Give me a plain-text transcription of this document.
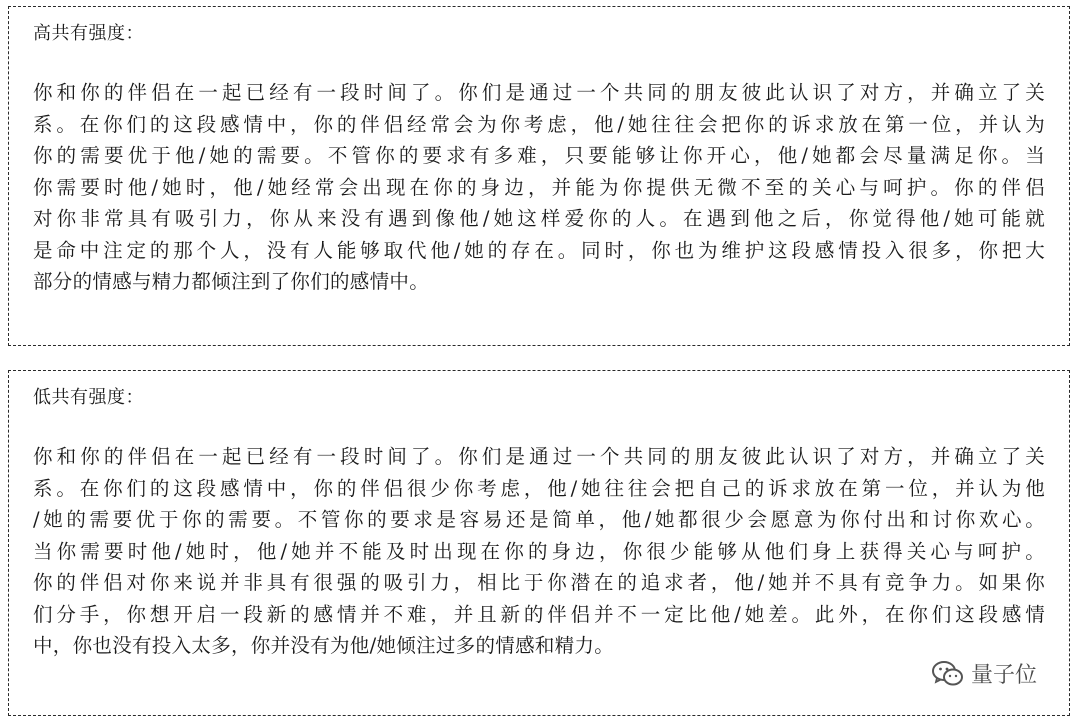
高共有强度：

你和你的伴侣在一起已经有一段时间了。你们是通过一个共同的朋友彼此认识了对方，并确立了关
系。在你们的这段感情中，你的伴侣经常会为你考虑，他/她往往会把你的诉求放在第一位，并认为
你的需要优于他/她的需要。不管你的要求有多难，只要能够让你开心，他/她都会尽量满足你。当
你需要时他/她时，他/她经常会出现在你的身边，并能为你提供无微不至的关心与呵护。你的伴侣
对你非常具有吸引力，你从来没有遇到像他/她这样爱你的人。在遇到他之后，你觉得他/她可能就
是命中注定的那个人，没有人能够取代他/她的存在。同时，你也为维护这段感情投入很多，你把大
部分的情感与精力都倾注到了你们的感情中。

低共有强度：

你和你的伴侣在一起已经有一段时间了。你们是通过一个共同的朋友彼此认识了对方，并确立了关
系。在你们的这段感情中，你的伴侣很少你考虑，他/她往往会把自己的诉求放在第一位，并认为他
/她的需要优于你的需要。不管你的要求是容易还是简单，他/她都很少会愿意为你付出和讨你欢心。
当你需要时他/她时，他/她并不能及时出现在你的身边，你很少能够从他们身上获得关心与呵护。
你的伴侣对你来说并非具有很强的吸引力，相比于你潜在的追求者，他/她并不具有竞争力。如果你
们分手，你想开启一段新的感情并不难，并且新的伴侣并不一定比他/她差。此外，在你们这段感情
中，你也没有投入太多，你并没有为他/她倾注过多的情感和精力。
量子位
